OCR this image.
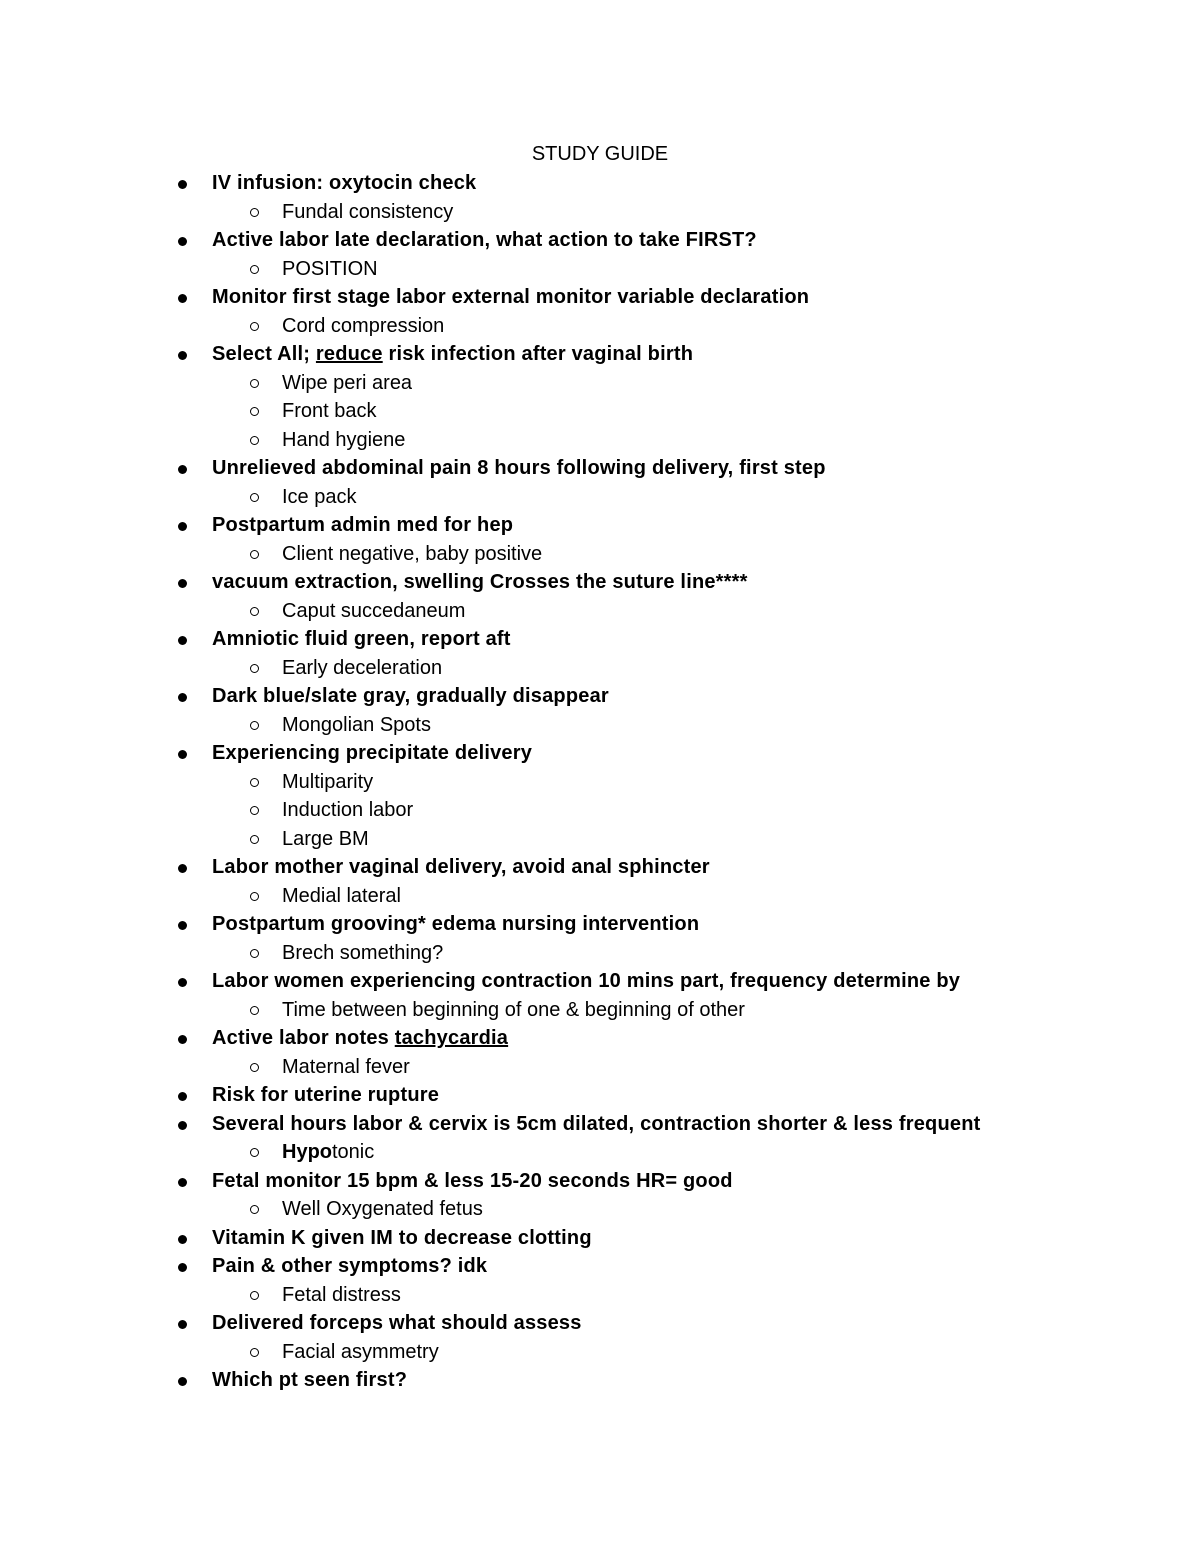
STUDY GUIDE
IV infusion: oxytocin check
Fundal consistency
Active labor late declaration, what action to take FIRST?
POSITION
Monitor first stage labor external monitor variable declaration
Cord compression
Select All; reduce risk infection after vaginal birth
Wipe peri area
Front back
Hand hygiene
Unrelieved abdominal pain 8 hours following delivery, first step
Ice pack
Postpartum admin med for hep
Client negative, baby positive
vacuum extraction, swelling Crosses the suture line****
Caput succedaneum
Amniotic fluid green, report aft
Early deceleration
Dark blue/slate gray, gradually disappear
Mongolian Spots
Experiencing precipitate delivery
Multiparity
Induction labor
Large BM
Labor mother vaginal delivery, avoid anal sphincter
Medial lateral
Postpartum grooving* edema nursing intervention
Brech something?
Labor women experiencing contraction 10 mins part, frequency determine by
Time between beginning of one & beginning of other
Active labor notes tachycardia
Maternal fever
Risk for uterine rupture
Several hours labor & cervix is 5cm dilated, contraction shorter & less frequent
Hypotonic
Fetal monitor 15 bpm & less 15-20 seconds HR= good
Well Oxygenated fetus
Vitamin K given IM to decrease clotting
Pain & other symptoms? idk
Fetal distress
Delivered forceps what should assess
Facial asymmetry
Which pt seen first?
